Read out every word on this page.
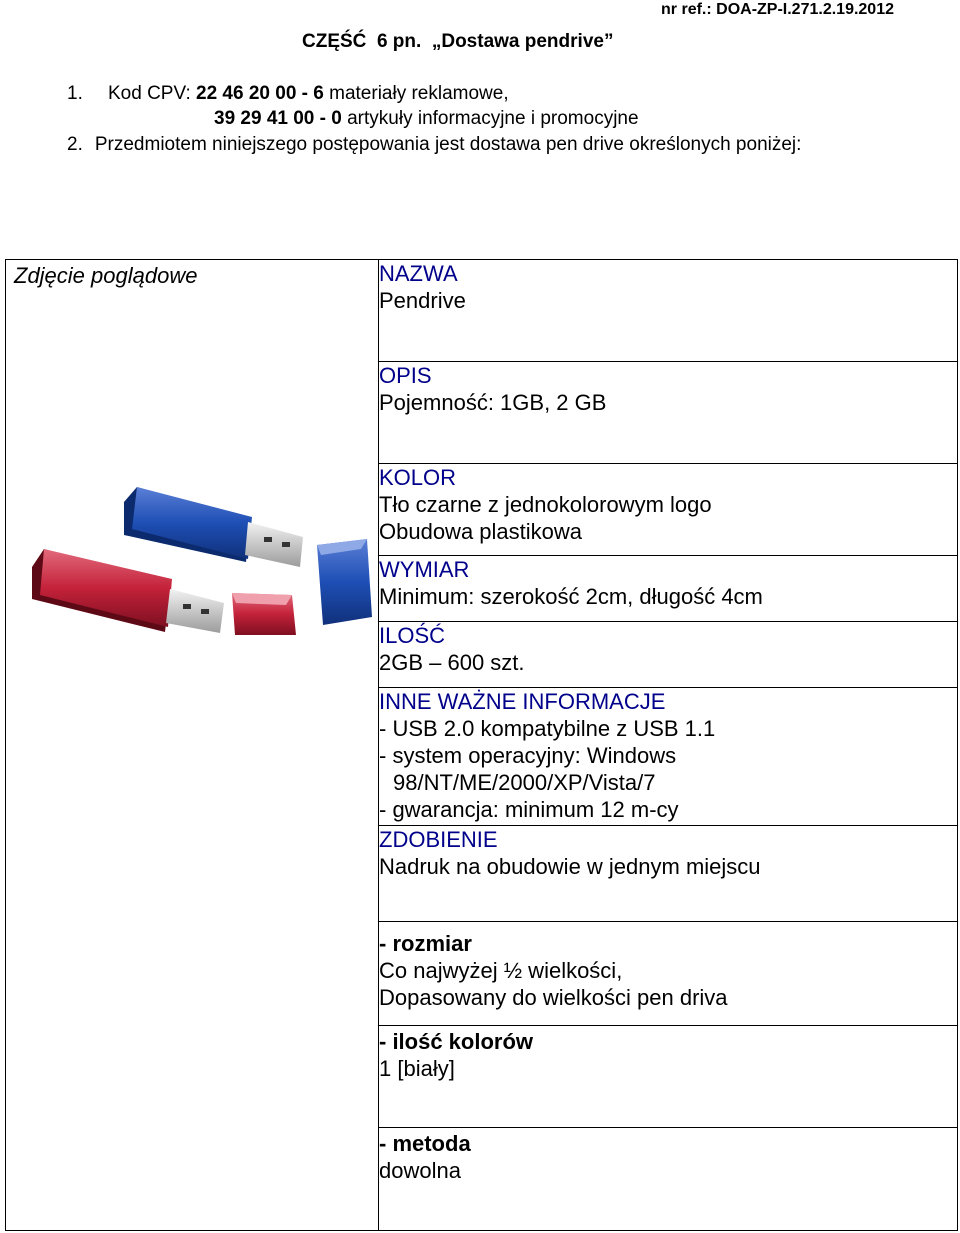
nr ref.: DOA-ZP-I.271.2.19.2012
CZĘŚĆ  6 pn.  „Dostawa pendrive”
1. Kod CPV: 22 46 20 00 - 6 materiały reklamowe,
39 29 41 00 - 0 artykuły informacyjne i promocyjne
2. Przedmiotem niniejszego postępowania jest dostawa pen drive określonych poniżej:
Zdjęcie poglądowe	NAZWA
Pendrive

OPIS
Pojemność: 1GB, 2 GB

KOLOR
Tło czarne z jednokolorowym logo
Obudowa plastikowa

WYMIAR
Minimum: szerokość 2cm, długość 4cm

ILOŚĆ
2GB – 600 szt.

INNE WAŻNE INFORMACJE
- USB 2.0 kompatybilne z USB 1.1
- system operacyjny: Windows
98/NT/ME/2000/XP/Vista/7
- gwarancja: minimum 12 m-cy

ZDOBIENIE
Nadruk na obudowie w jednym miejscu

- rozmiar
Co najwyżej ½ wielkości,
Dopasowany do wielkości pen driva

- ilość kolorów
1 [biały]

- metoda
dowolna
